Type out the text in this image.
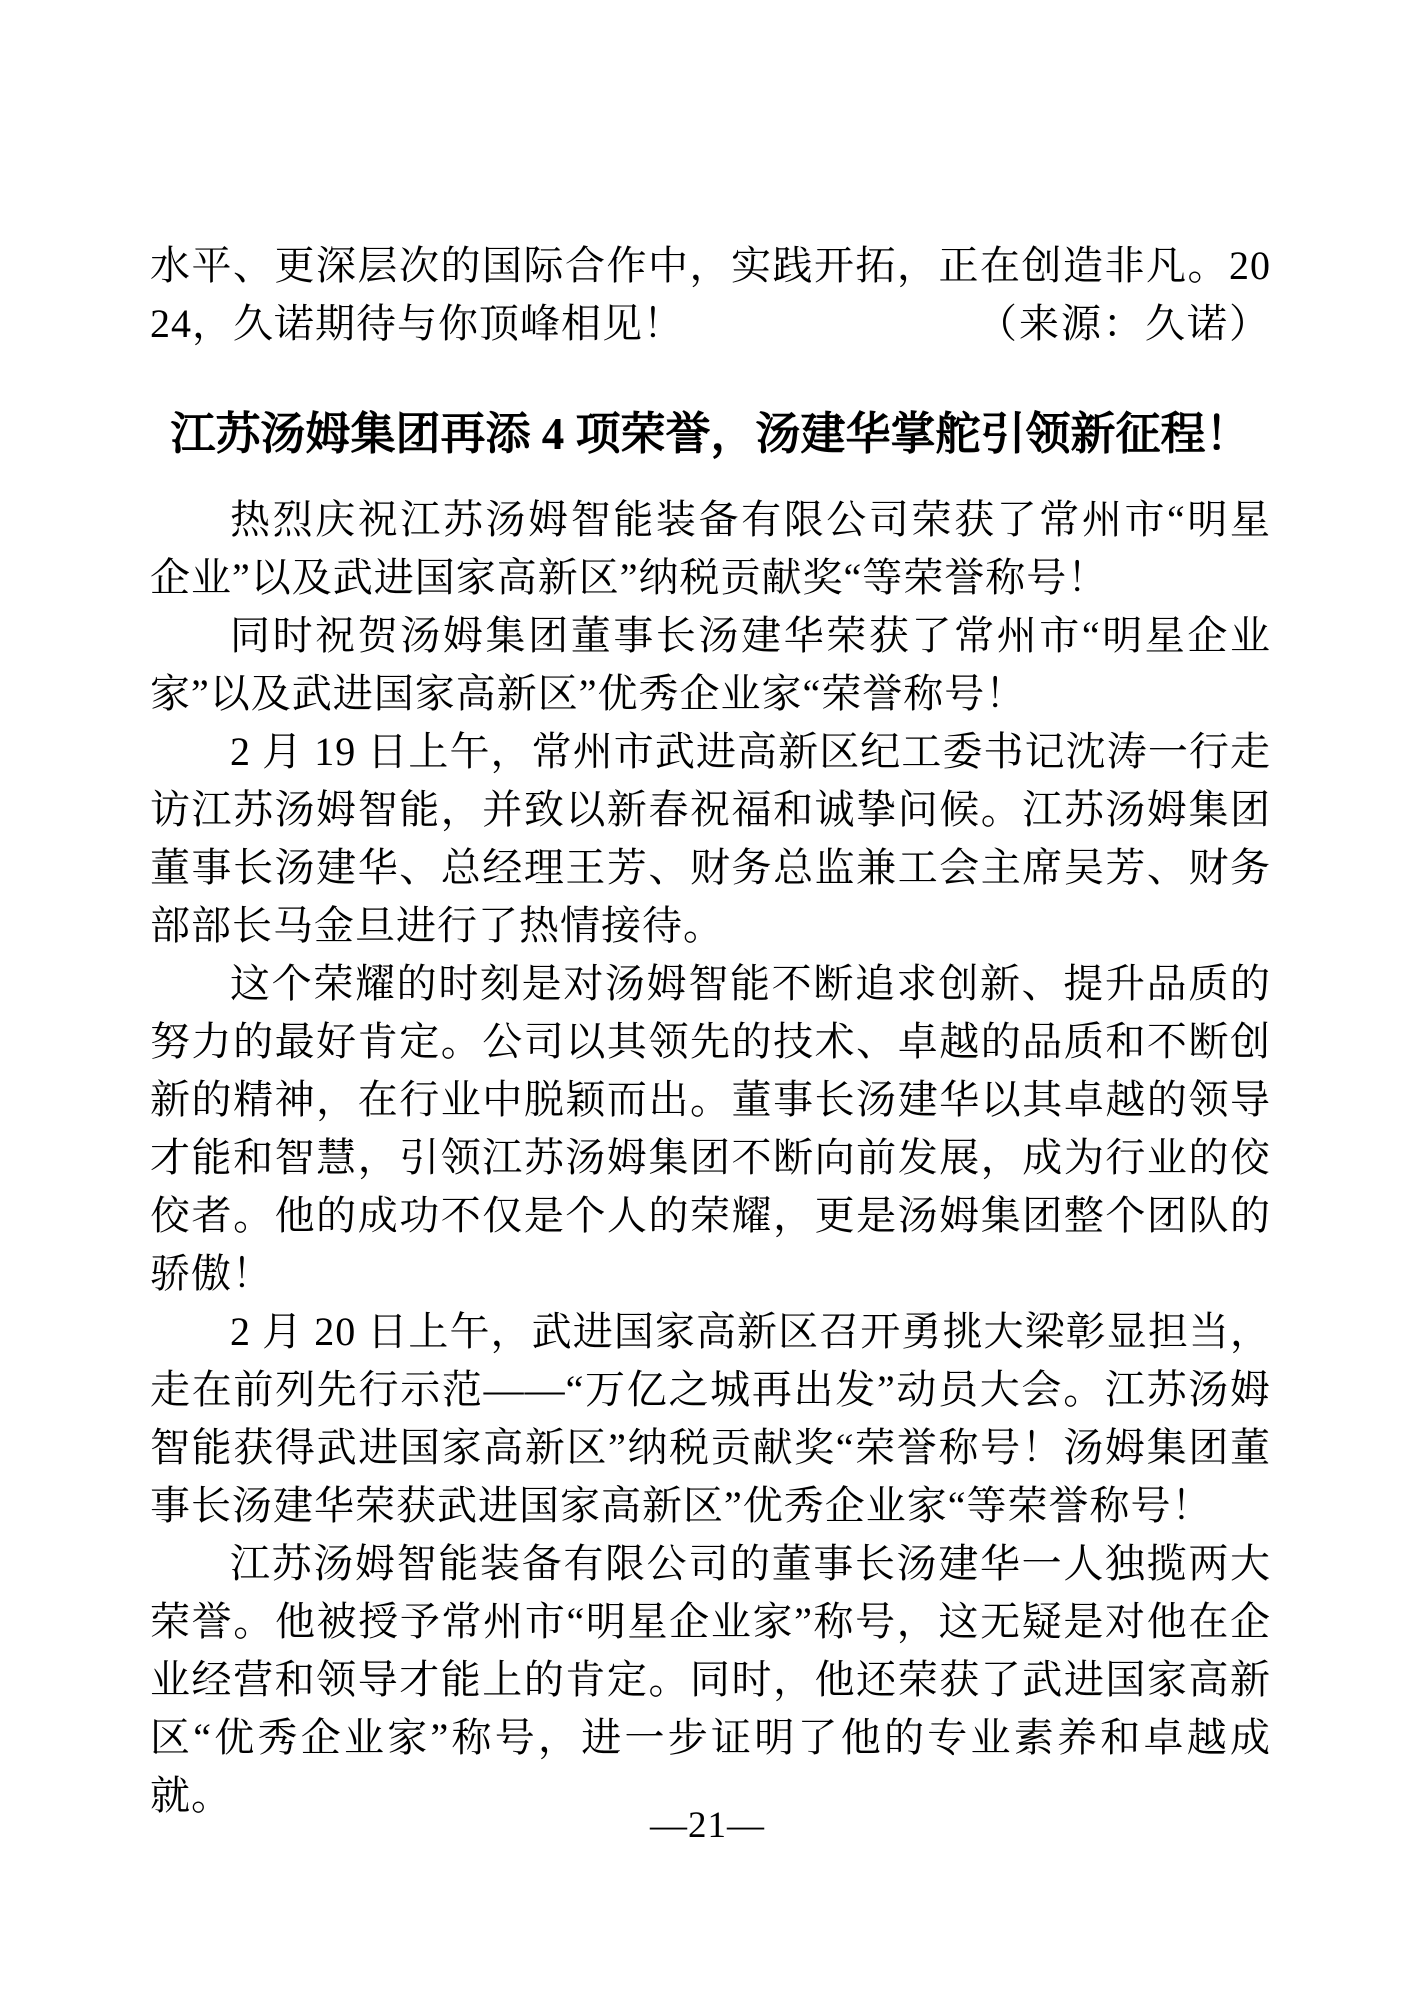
水平、更深层次的国际合作中，实践开拓，正在创造非凡。2024，久诺期待与你顶峰相见！	（来源：久诺）

江苏汤姆集团再添 4 项荣誉，汤建华掌舵引领新征程！

热烈庆祝江苏汤姆智能装备有限公司荣获了常州市“明星企业”以及武进国家高新区”纳税贡献奖“等荣誉称号！

同时祝贺汤姆集团董事长汤建华荣获了常州市“明星企业家”以及武进国家高新区”优秀企业家“荣誉称号！

2 月 19 日上午，常州市武进高新区纪工委书记沈涛一行走访江苏汤姆智能，并致以新春祝福和诚挚问候。江苏汤姆集团董事长汤建华、总经理王芳、财务总监兼工会主席吴芳、财务部部长马金旦进行了热情接待。

这个荣耀的时刻是对汤姆智能不断追求创新、提升品质的努力的最好肯定。公司以其领先的技术、卓越的品质和不断创新的精神，在行业中脱颖而出。董事长汤建华以其卓越的领导才能和智慧，引领江苏汤姆集团不断向前发展，成为行业的佼佼者。他的成功不仅是个人的荣耀，更是汤姆集团整个团队的骄傲！

2 月 20 日上午，武进国家高新区召开勇挑大梁彰显担当，走在前列先行示范——“万亿之城再出发”动员大会。江苏汤姆智能获得武进国家高新区”纳税贡献奖“荣誉称号！汤姆集团董事长汤建华荣获武进国家高新区”优秀企业家“等荣誉称号！

江苏汤姆智能装备有限公司的董事长汤建华一人独揽两大荣誉。他被授予常州市“明星企业家”称号，这无疑是对他在企业经营和领导才能上的肯定。同时，他还荣获了武进国家高新区“优秀企业家”称号，进一步证明了他的专业素养和卓越成就。

—21—
